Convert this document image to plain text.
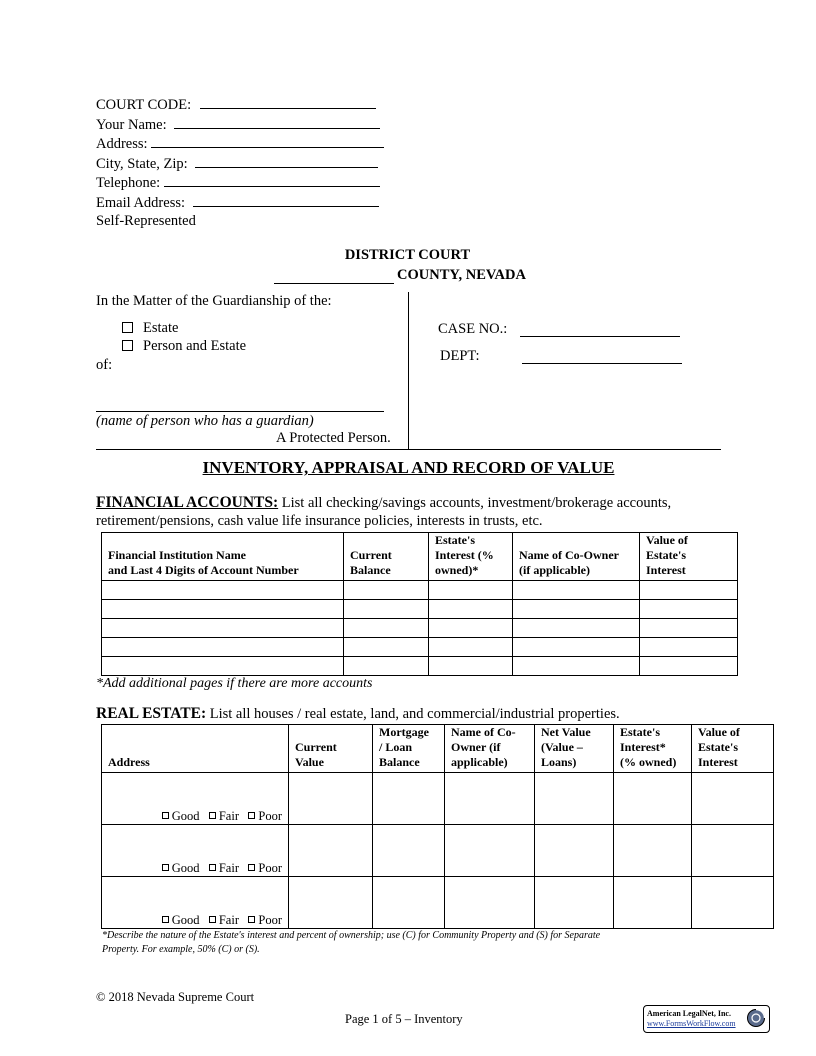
COURT CODE:
Your Name:
Address:
City, State, Zip:
Telephone:
Email Address:
Self-Represented
DISTRICT COURT
COUNTY, NEVADA
In the Matter of the Guardianship of the:
Estate
Person and Estate
of:
(name of person who has a guardian)
A Protected Person.
CASE NO.:
DEPT:
INVENTORY, APPRAISAL AND RECORD OF VALUE
FINANCIAL ACCOUNTS: List all checking/savings accounts, investment/brokerage accounts,
retirement/pensions, cash value life insurance policies, interests in trusts, etc.
Financial Institution Name
and Last 4 Digits of Account Number	Current
Balance	Estate's
Interest (%
owned)*	Name of Co-Owner
(if applicable)	Value of
Estate's
Interest

*Add additional pages if there are more accounts
REAL ESTATE: List all houses / real estate, land, and commercial/industrial properties.
Address	Current
Value	Mortgage
/ Loan
Balance	Name of Co-
Owner (if
applicable)	Net Value
(Value –
Loans)	Estate's
Interest*
(% owned)	Value of
Estate's
Interest
Good Fair Poor						
Good Fair Poor						
Good Fair Poor						
*Describe the nature of the Estate's interest and percent of ownership; use (C) for Community Property and (S) for Separate
Property. For example, 50% (C) or (S).
© 2018 Nevada Supreme Court
Page 1 of 5 – Inventory	American LegalNet, Inc.
www.FormsWorkFlow.com
